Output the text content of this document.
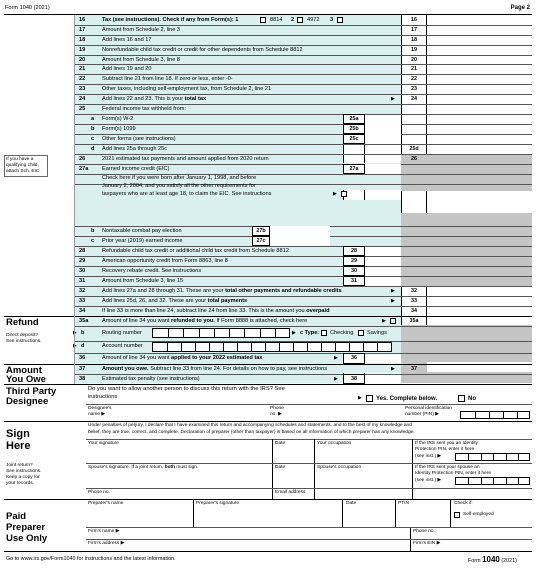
Form 1040 (2021)	Page 2
16	Tax (see instructions). Check if any from Form(s): 1	8814 2 4972 3	16
17	Amount from Schedule 2, line 3	17
18	Add lines 16 and 17	18
19	Nonrefundable child tax credit or credit for other dependents from Schedule 8812	19
20	Amount from Schedule 3, line 8	20
21	Add lines 19 and 20	21
22	Subtract line 21 from line 18. If zero or less, enter -0-	22
23	Other taxes, including self-employment tax, from Schedule 2, line 21	23
24	Add lines 22 and 23. This is your total tax	▶	24
25	Federal income tax withheld from:
a Form(s) W-2	25a
b Form(s) 1099	25b
c Other forms (see instructions)	25c
d Add lines 25a through 25c	25d
If you have a
qualifying child,
attach Sch. EIC.
26	2021 estimated tax payments and amount applied from 2020 return	26
27a Earned income credit (EIC)	27a
Check here if you were born after January 1, 1998, and before
January 2, 2004, and you satisfy all the other requirements for
taxpayers who are at least age 18, to claim the EIC. See instructions	▶
b Nontaxable combat pay election	27b
c Prior year (2019) earned income	27c
28	Refundable child tax credit or additional child tax credit from Schedule 8812	28
29	American opportunity credit from Form 8863, line 8	29
30	Recovery rebate credit. See instructions	30
31	Amount from Schedule 3, line 15	31
32	Add lines 27a and 28 through 31. These are your total other payments and refundable credits	▶	32
33	Add lines 25d, 26, and 32. These are your total payments	▶	33
Refund
Direct deposit?
See instructions.
34	If line 33 is more than line 24, subtract line 24 from line 33. This is the amount you overpaid	34
35a Amount of line 34 you want refunded to you. If Form 8888 is attached, check here	▶	35a
▶ b	Routing number	▶ c Type: Checking Savings
▶ d	Account number
36	Amount of line 34 you want applied to your 2022 estimated tax	▶	36
Amount
You Owe
37	Amount you owe. Subtract line 33 from line 24. For details on how to pay, see instructions	▶	37
38	Estimated tax penalty (see instructions)	▶	38
Third Party
Designee
Do you want to allow another person to discuss this return with the IRS? See
instructions	▶ Yes. Complete below.	No
Designee's
name ▶
Phone
no. ▶
Personal identification
number (PIN) ▶
Sign
Here
Joint return?
See instructions.
Keep a copy for
your records.
Under penalties of perjury, I declare that I have examined this return and accompanying schedules and statements, and to the best of my knowledge and
belief, they are true, correct, and complete. Declaration of preparer (other than taxpayer) is based on all information of which preparer has any knowledge.
Your signature	Date	Your occupation	If the IRS sent you an Identity
Protection PIN, enter it here
(see inst.) ▶
Spouse's signature. If a joint return, both must sign.	Date	Spouse's occupation	If the IRS sent your spouse an
Identity Protection PIN, enter it here
(see inst.) ▶
Phone no.	Email address
Paid
Preparer
Use Only
Preparer's name	Preparer's signature	Date	PTIN	Check if:
Self-employed
Firm's name ▶	Phone no.
Firm's address ▶	Firm's EIN ▶
Go to www.irs.gov/Form1040 for instructions and the latest information.	Form 1040 (2021)
